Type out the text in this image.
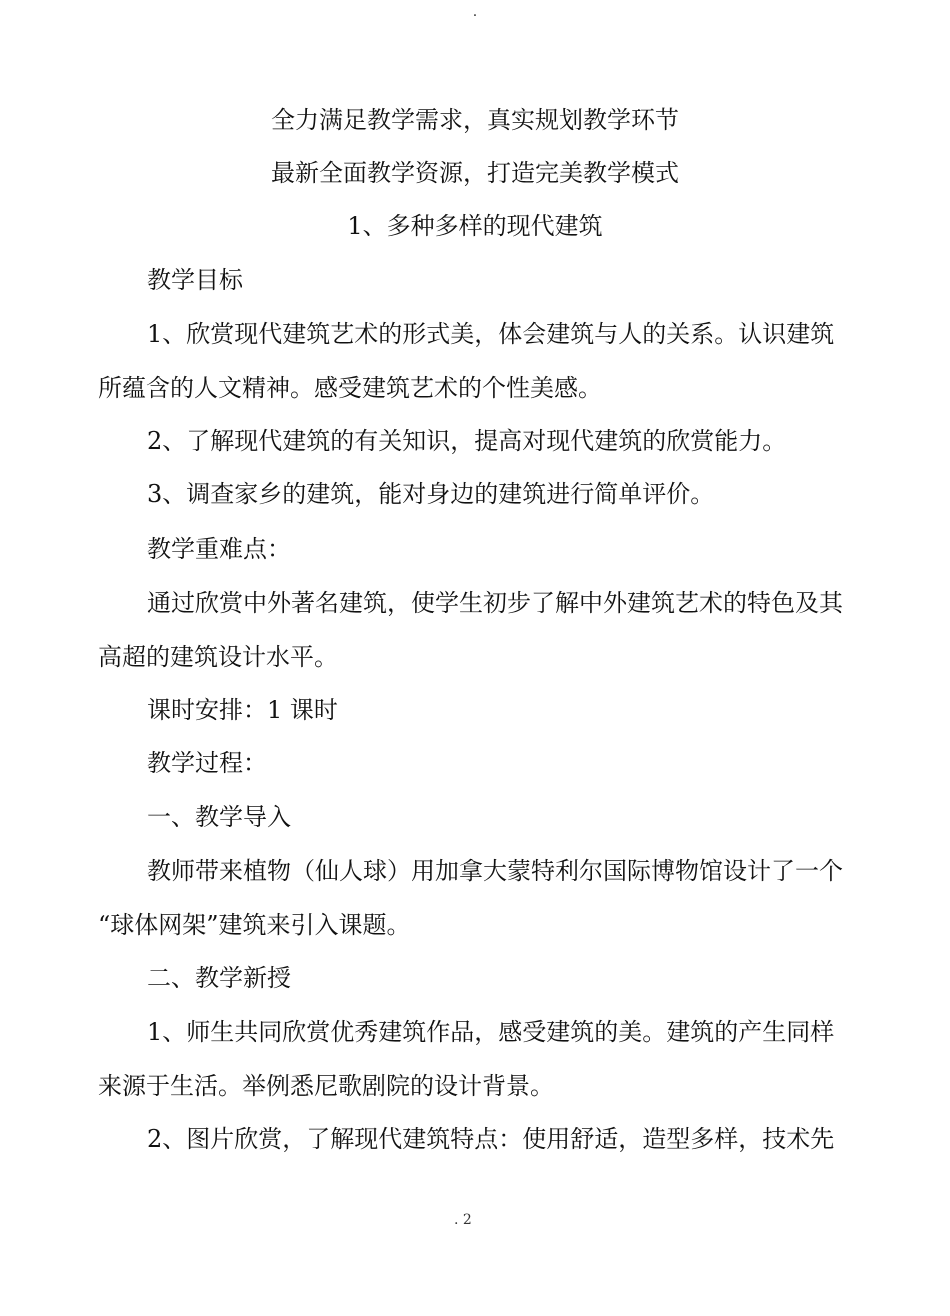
.
全力满足教学需求，真实规划教学环节
最新全面教学资源，打造完美教学模式
1、多种多样的现代建筑
教学目标
1、欣赏现代建筑艺术的形式美，体会建筑与人的关系。认识建筑
所蕴含的人文精神。感受建筑艺术的个性美感。
2、了解现代建筑的有关知识，提高对现代建筑的欣赏能力。
3、调查家乡的建筑，能对身边的建筑进行简单评价。
教学重难点：
通过欣赏中外著名建筑，使学生初步了解中外建筑艺术的特色及其
高超的建筑设计水平。
课时安排：1 课时
教学过程：
一、教学导入
教师带来植物（仙人球）用加拿大蒙特利尔国际博物馆设计了一个
“球体网架”建筑来引入课题。
二、教学新授
1、师生共同欣赏优秀建筑作品，感受建筑的美。建筑的产生同样
来源于生活。举例悉尼歌剧院的设计背景。
2、图片欣赏，了解现代建筑特点：使用舒适，造型多样，技术先
. 2
